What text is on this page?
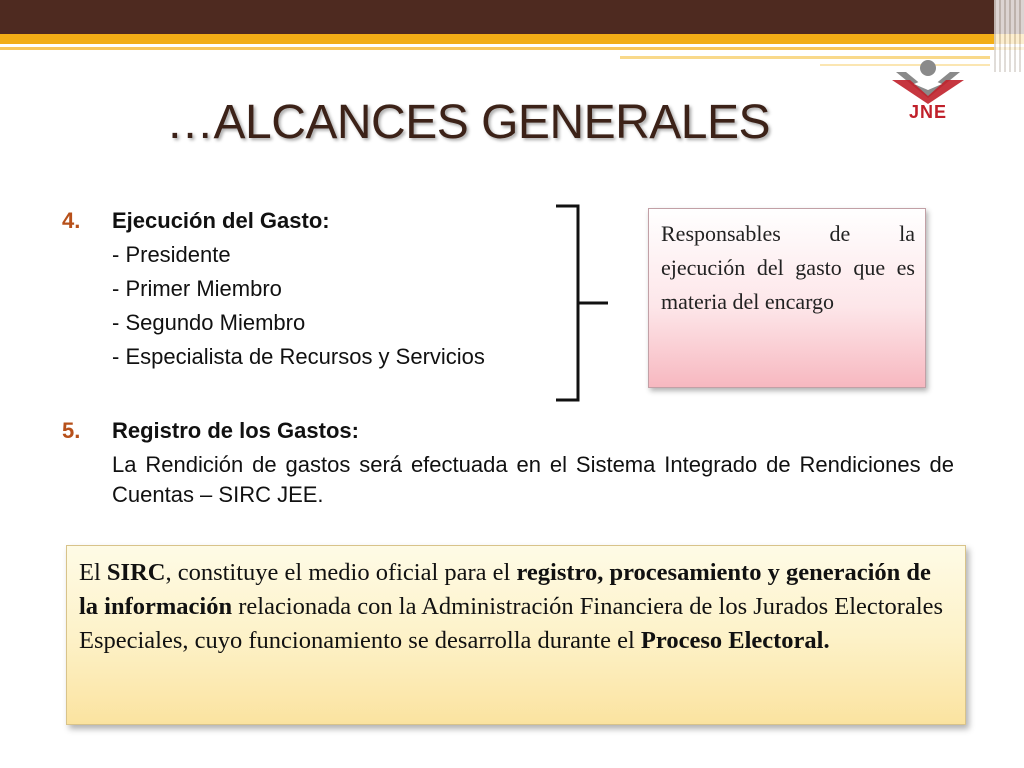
JNE
…ALCANCES GENERALES
4. Ejecución del Gasto:
- Presidente
- Primer Miembro
- Segundo Miembro
- Especialista de Recursos y Servicios
Responsables de la ejecución del gasto que es materia del encargo
5. Registro de los Gastos:
La Rendición de gastos será efectuada en el Sistema Integrado de Rendiciones de Cuentas – SIRC JEE.
El SIRC, constituye el medio oficial para el registro, procesamiento y generación de la información relacionada con la Administración Financiera de los Jurados Electorales Especiales, cuyo funcionamiento se desarrolla durante el Proceso Electoral.
